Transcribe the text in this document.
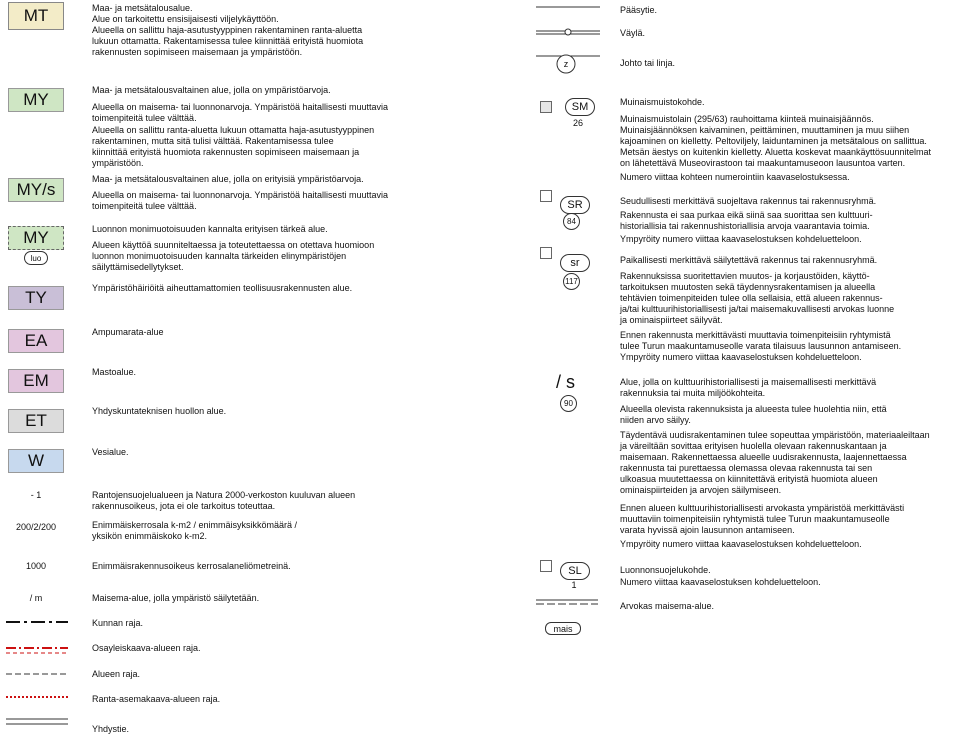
MT
MY
MY/s
MY
luo
TY
EA
EM
ET
W
- 1
200/2/200
1000
/ m
Maa- ja metsätalousalue.
Alue on tarkoitettu ensisijaisesti viljelykäyttöön.
Alueella on sallittu haja-asutustyyppinen rakentaminen ranta-aluetta
lukuun ottamatta. Rakentamisessa tulee kiinnittää erityistä huomiota
rakennusten sopimiseen maisemaan ja ympäristöön.
Maa- ja metsätalousvaltainen alue, jolla on ympäristöarvoja.
Alueella on maisema- tai luonnonarvoja. Ympäristöä haitallisesti muuttavia
toimenpiteitä tulee välttää.
Alueella on sallittu ranta-aluetta lukuun ottamatta haja-asutustyyppinen
rakentaminen, mutta sitä tulisi välttää. Rakentamisessa tulee
kiinnittää erityistä huomiota rakennusten sopimiseen maisemaan ja
ympäristöön.
Maa- ja metsätalousvaltainen alue, jolla on erityisiä ympäristöarvoja.
Alueella on maisema- tai luonnonarvoja. Ympäristöä haitallisesti muuttavia
toimenpiteitä tulee välttää.
Luonnon monimuotoisuuden kannalta erityisen tärkeä alue.
Alueen käyttöä suunniteltaessa ja toteutettaessa on otettava huomioon
luonnon monimuotoisuuden kannalta tärkeiden elinympäristöjen
säilyttämisedellytykset.
Ympäristöhäiriöitä aiheuttamattomien teollisuusrakennusten alue.
Ampumarata-alue
Mastoalue.
Yhdyskuntateknisen huollon alue.
Vesialue.
Rantojensuojelualueen ja Natura 2000-verkoston kuuluvan alueen
rakennusoikeus, jota ei ole tarkoitus toteuttaa.
Enimmäiskerrosala k-m2 / enimmäisyksikkömäärä /
yksikön enimmäiskoko k-m2.
Enimmäisrakennusoikeus kerrosalaneliömetreinä.
Maisema-alue, jolla ympäristö säilytetään.
Kunnan raja.
Osayleiskaava-alueen raja.
Alueen raja.
Ranta-asemakaava-alueen raja.
Yhdystie.
z
SM
26
SR
84
sr
117
/ s
90
SL
1
mais
Pääsytie.
Väylä.
Johto tai linja.
Muinaismuistokohde.
Muinaismuistolain (295/63) rauhoittama kiinteä muinaisjäännös.
Muinaisjäännöksen kaivaminen, peittäminen, muuttaminen ja muu siihen
kajoaminen on kielletty. Peltoviljely, laiduntaminen ja metsätalous on sallittua.
Metsän äestys on kuitenkin kielletty. Aluetta koskevat maankäyttösuunnitelmat
on lähetettävä Museovirastoon tai maakuntamuseoon lausuntoa varten.
Numero viittaa kohteen numerointiin kaavaselostuksessa.
Seudullisesti merkittävä suojeltava rakennus tai rakennusryhmä.
Rakennusta ei saa purkaa eikä siinä saa suorittaa sen kulttuuri-
historiallisia tai rakennushistoriallisia arvoja vaarantavia toimia.
Ympyröity numero viittaa kaavaselostuksen kohdeluetteloon.
Paikallisesti merkittävä säilytettävä rakennus tai rakennusryhmä.
Rakennuksissa suoritettavien muutos- ja korjaustöiden, käyttö-
tarkoituksen muutosten sekä täydennysrakentamisen ja alueella
tehtävien toimenpiteiden tulee olla sellaisia, että alueen rakennus-
ja/tai kulttuurihistoriallisesti ja/tai maisemakuvallisesti arvokas luonne
ja ominaispiirteet säilyvät.
Ennen rakennusta merkittävästi muuttavia toimenpiteisiin ryhtymistä
tulee Turun maakuntamuseolle varata tilaisuus lausunnon antamiseen.
Ympyröity numero viittaa kaavaselostuksen kohdeluetteloon.
Alue, jolla on kulttuurihistoriallisesti ja maisemallisesti merkittävä
rakennuksia tai muita miljöökohteita.
Alueella olevista rakennuksista ja alueesta tulee huolehtia niin, että
niiden arvo säilyy.
Täydentävä uudisrakentaminen tulee sopeuttaa ympäristöön, materiaaleiltaan
ja väreiltään sovittaa erityisen huolella olevaan rakennuskantaan ja
maisemaan. Rakennettaessa alueelle uudisrakennusta, laajennettaessa
rakennusta tai purettaessa olemassa olevaa rakennusta tai sen
ulkoasua muutettaessa on kiinnitettävä erityistä huomiota alueen
ominaispiirteiden ja arvojen säilymiseen.
Ennen alueen kulttuurihistoriallisesti arvokasta ympäristöä merkittävästi
muuttaviin toimenpiteisiin ryhtymistä tulee Turun maakuntamuseolle
varata hyvissä ajoin lausunnon antamiseen.
Ympyröity numero viittaa kaavaselostuksen kohdeluetteloon.
Luonnonsuojelukohde.
Numero viittaa kaavaselostuksen kohdeluetteloon.
Arvokas maisema-alue.
